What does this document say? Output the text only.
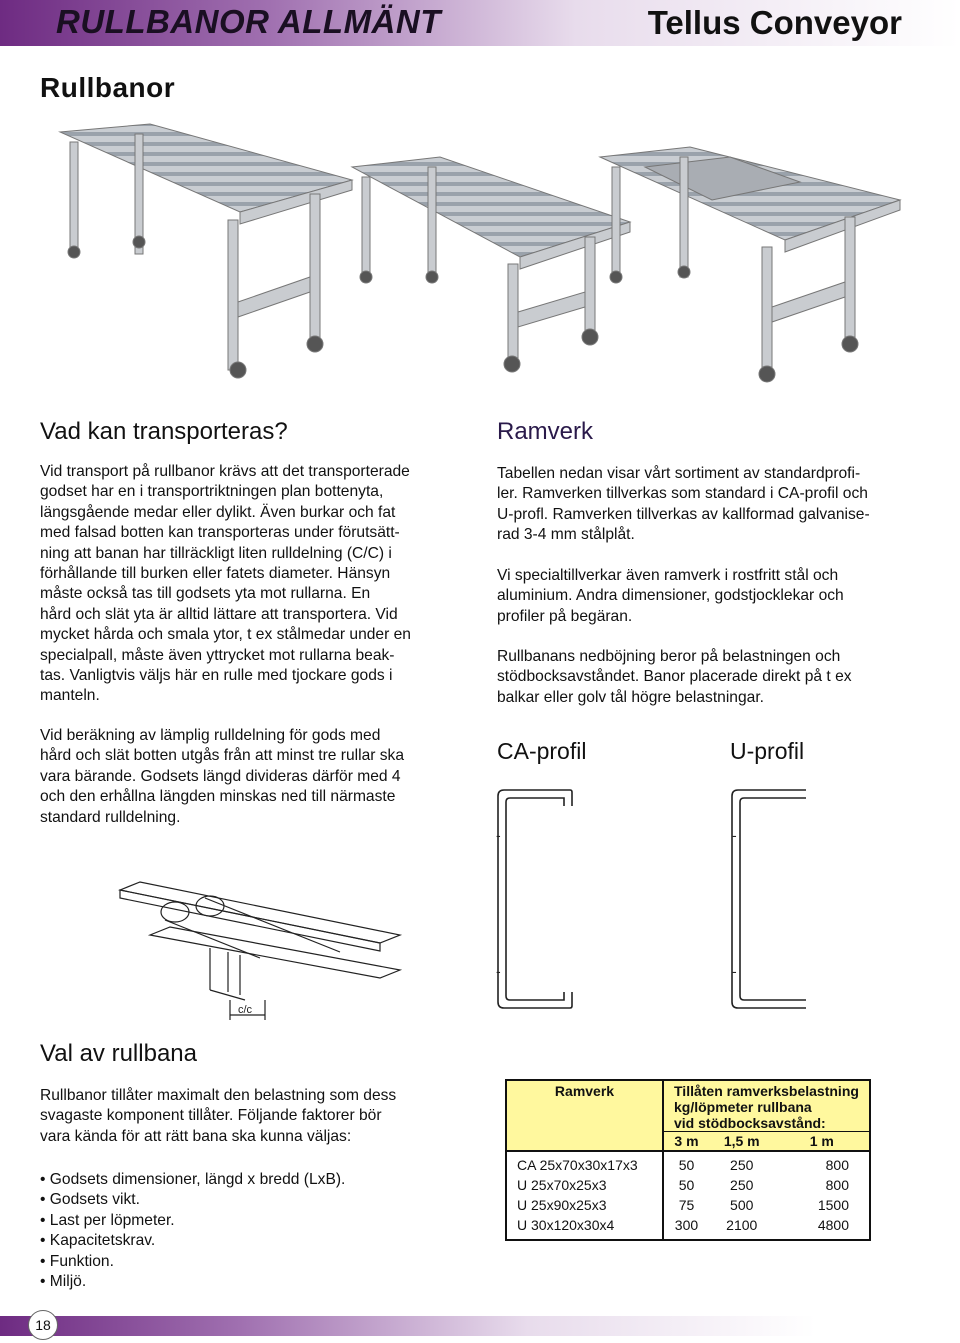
RULLBANOR ALLMÄNT	Tellus Conveyor
Rullbanor
Vad kan transporteras?

Vid transport på rullbanor krävs att det transporterade

godset har en i transportriktningen plan bottenyta,

längsgående medar eller dylikt. Även burkar och fat

med falsad botten kan transporteras under förutsätt-

ning att banan har tillräckligt liten rulldelning (C/C) i

förhållande till burken eller fatets diameter. Hänsyn

måste också tas till godsets yta mot rullarna. En

hård och slät yta är alltid lättare att transportera. Vid

mycket hårda och smala ytor, t ex stålmedar under en

specialpall, måste även yttrycket mot rullarna beak-

tas. Vanligtvis väljs här en rulle med tjockare gods i

manteln.

Vid beräkning av lämplig rulldelning för gods med

hård och slät botten utgås från att minst tre rullar ska

vara bärande. Godsets längd divideras därför med 4

och den erhållna längden minskas ned till närmaste

standard rulldelning.

c/c
Val av rullbana

Rullbanor tillåter maximalt den belastning som dess

svagaste komponent tillåter. Följande faktorer bör

vara kända för att rätt bana ska kunna väljas:

• Godsets dimensioner, längd x bredd (LxB).
• Godsets vikt.
• Last per löpmeter.
• Kapacitetskrav.
• Funktion.
• Miljö.
Ramverk

Tabellen nedan visar vårt sortiment av standardprofi-

ler. Ramverken tillverkas som standard i CA-profil och

U-profl. Ramverken tillverkas av kallformad galvanise-

rad 3-4 mm stålplåt.

Vi specialtillverkar även ramverk i rostfritt stål och

aluminium. Andra dimensioner, godstjocklekar och

profiler på begäran.

Rullbanans nedböjning beror på belastningen och

stödbocksavståndet. Banor placerade direkt på t ex

balkar eller golv tål högre belastningar.

CA-profil	U-profil
-
-
-
-
Ramverk	Tillåten ramverksbelastning
kg/löpmeter rullbana
vid stödbocksavstånd:		

	3 m	1,5 m	1 m
CA 25x70x30x17x3	50	250	800
U 25x70x25x3	50	250	800
U 25x90x25x3	75	500	1500
U 30x120x30x4	300	2100	4800
18
